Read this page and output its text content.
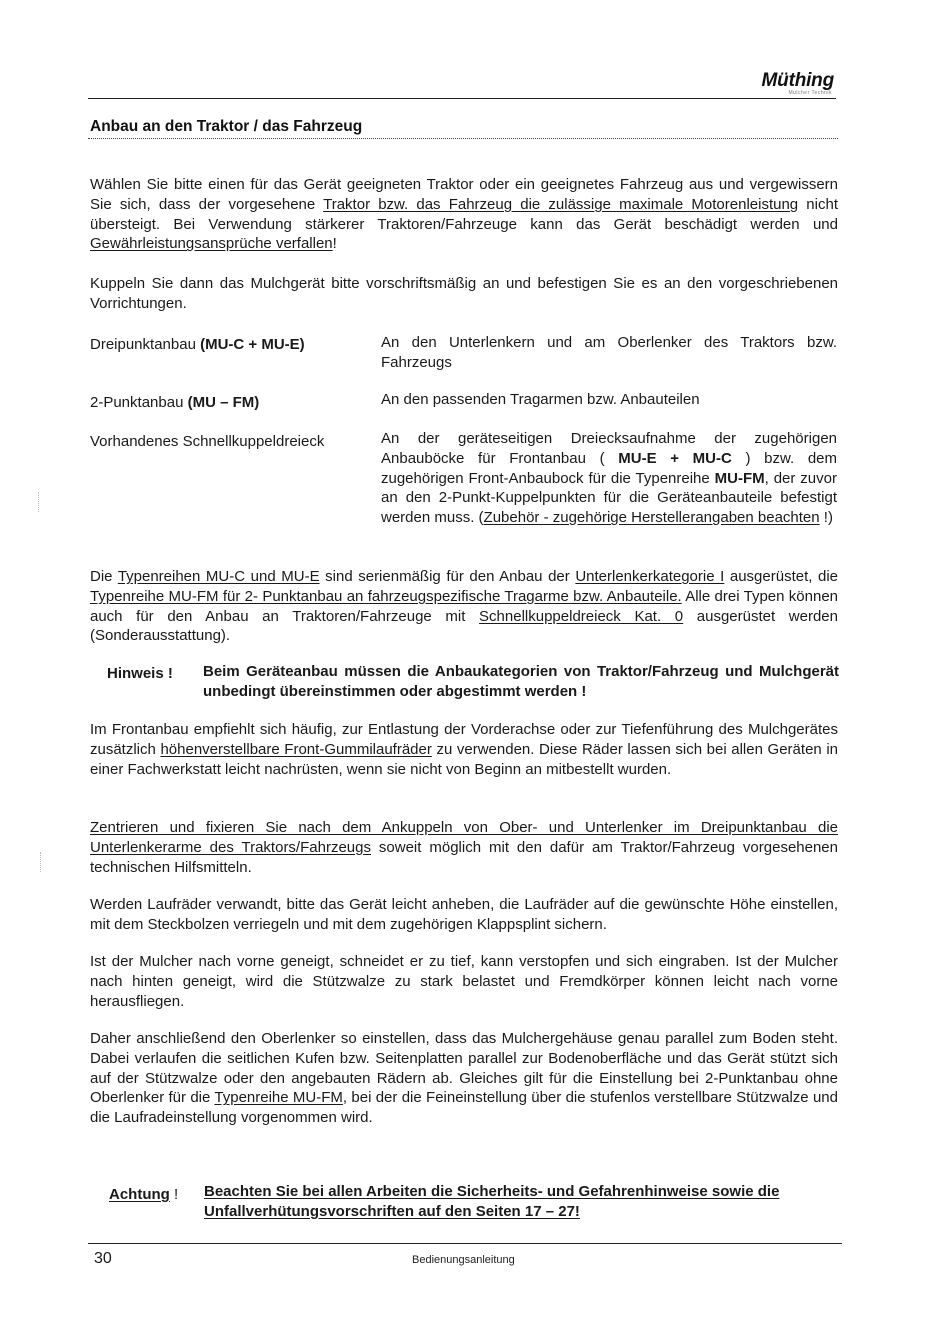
Müthing
Mulcher Technik
Anbau an den Traktor / das Fahrzeug
Wählen Sie bitte einen für das Gerät geeigneten Traktor oder ein geeignetes Fahrzeug aus und vergewissern Sie sich, dass der vorgesehene Traktor bzw. das Fahrzeug die zulässige maximale Motorenleistung nicht übersteigt. Bei Verwendung stärkerer Traktoren/Fahrzeuge kann das Gerät beschädigt werden und Gewährleistungsansprüche verfallen!
Kuppeln Sie dann das Mulchgerät bitte vorschriftsmäßig an und befestigen Sie es an den vorgeschriebenen Vorrichtungen.
Dreipunktanbau (MU-C + MU-E)	An den Unterlenkern und am Oberlenker des Traktors bzw. Fahrzeugs
2-Punktanbau (MU – FM)	An den passenden Tragarmen bzw. Anbauteilen
Vorhandenes Schnellkuppeldreieck	An der geräteseitigen Dreiecksaufnahme der zugehörigen Anbauböcke für Frontanbau ( MU-E + MU-C ) bzw. dem zugehörigen Front-Anbaubock für die Typenreihe MU-FM, der zuvor an den 2-Punkt-Kuppelpunkten für die Geräteanbauteile befestigt werden muss. (Zubehör - zugehörige Herstellerangaben beachten !)
Die Typenreihen MU-C und MU-E sind serienmäßig für den Anbau der Unterlenkerkategorie I ausgerüstet, die Typenreihe MU-FM für 2- Punktanbau an fahrzeugspezifische Tragarme bzw. Anbauteile. Alle drei Typen können auch für den Anbau an Traktoren/Fahrzeuge mit Schnellkuppeldreieck Kat. 0 ausgerüstet werden (Sonderausstattung).
Hinweis ! Beim Geräteanbau müssen die Anbaukategorien von Traktor/Fahrzeug und Mulchgerät unbedingt übereinstimmen oder abgestimmt werden !
Im Frontanbau empfiehlt sich häufig, zur Entlastung der Vorderachse oder zur Tiefenführung des Mulchgerätes zusätzlich höhenverstellbare Front-Gummilaufräder zu verwenden. Diese Räder lassen sich bei allen Geräten in einer Fachwerkstatt leicht nachrüsten, wenn sie nicht von Beginn an mitbestellt wurden.
Zentrieren und fixieren Sie nach dem Ankuppeln von Ober- und Unterlenker im Dreipunktanbau die Unterlenkerarme des Traktors/Fahrzeugs soweit möglich mit den dafür am Traktor/Fahrzeug vorgesehenen technischen Hilfsmitteln.
Werden Laufräder verwandt, bitte das Gerät leicht anheben, die Laufräder auf die gewünschte Höhe einstellen, mit dem Steckbolzen verriegeln und mit dem zugehörigen Klappsplint sichern.
Ist der Mulcher nach vorne geneigt, schneidet er zu tief, kann verstopfen und sich eingraben. Ist der Mulcher nach hinten geneigt, wird die Stützwalze zu stark belastet und Fremdkörper können leicht nach vorne herausfliegen.
Daher anschließend den Oberlenker so einstellen, dass das Mulchergehäuse genau parallel zum Boden steht. Dabei verlaufen die seitlichen Kufen bzw. Seitenplatten parallel zur Bodenoberfläche und das Gerät stützt sich auf der Stützwalze oder den angebauten Rädern ab. Gleiches gilt für die Einstellung bei 2-Punktanbau ohne Oberlenker für die Typenreihe MU-FM, bei der die Feineinstellung über die stufenlos verstellbare Stützwalze und die Laufradeinstellung vorgenommen wird.
Achtung ! Beachten Sie bei allen Arbeiten die Sicherheits- und Gefahrenhinweise sowie die Unfallverhütungsvorschriften auf den Seiten 17 – 27!
30	Bedienungsanleitung
